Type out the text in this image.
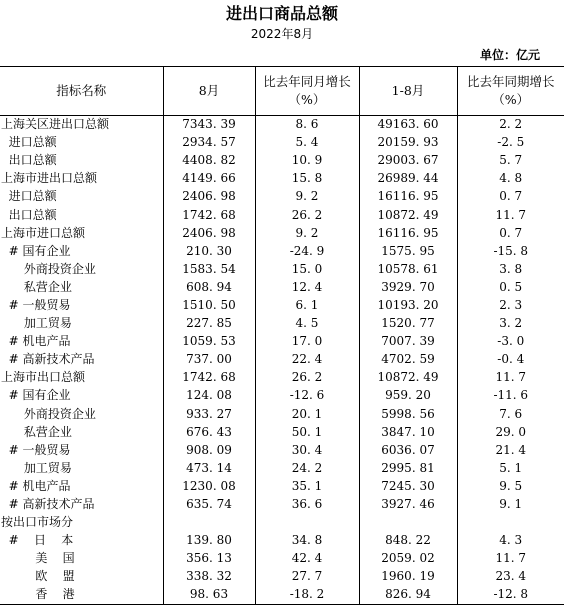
进出口商品总额
2022年8月
单位：亿元
指标名称	8月	比去年同月增长（%）	1-8月	比去年同期增长（%）
上海关区进出口总额	7343. 39	8. 6	49163. 60	2. 2
进口总额	2934. 57	5. 4	20159. 93	-2. 5
出口总额	4408. 82	10. 9	29003. 67	5. 7
上海市进出口总额	4149. 66	15. 8	26989. 44	4. 8
进口总额	2406. 98	9. 2	16116. 95	0. 7
出口总额	1742. 68	26. 2	10872. 49	11. 7
上海市进口总额	2406. 98	9. 2	16116. 95	0. 7
# 国有企业	210. 30	-24. 9	1575. 95	-15. 8
外商投资企业	1583. 54	15. 0	10578. 61	3. 8
私营企业	608. 94	12. 4	3929. 70	0. 5
# 一般贸易	1510. 50	6. 1	10193. 20	2. 3
加工贸易	227. 85	4. 5	1520. 77	3. 2
# 机电产品	1059. 53	17. 0	7007. 39	-3. 0
# 高新技术产品	737. 00	22. 4	4702. 59	-0. 4
上海市出口总额	1742. 68	26. 2	10872. 49	11. 7
# 国有企业	124. 08	-12. 6	959. 20	-11. 6
外商投资企业	933. 27	20. 1	5998. 56	7. 6
私营企业	676. 43	50. 1	3847. 10	29. 0
# 一般贸易	908. 09	30. 4	6036. 07	21. 4
加工贸易	473. 14	24. 2	2995. 81	5. 1
# 机电产品	1230. 08	35. 1	7245. 30	9. 5
# 高新技术产品	635. 74	36. 6	3927. 46	9. 1
按出口市场分				
#    日    本	139. 80	34. 8	848. 22	4. 3
美    国	356. 13	42. 4	2059. 02	11. 7
欧    盟	338. 32	27. 7	1960. 19	23. 4
香    港	98. 63	-18. 2	826. 94	-12. 8
